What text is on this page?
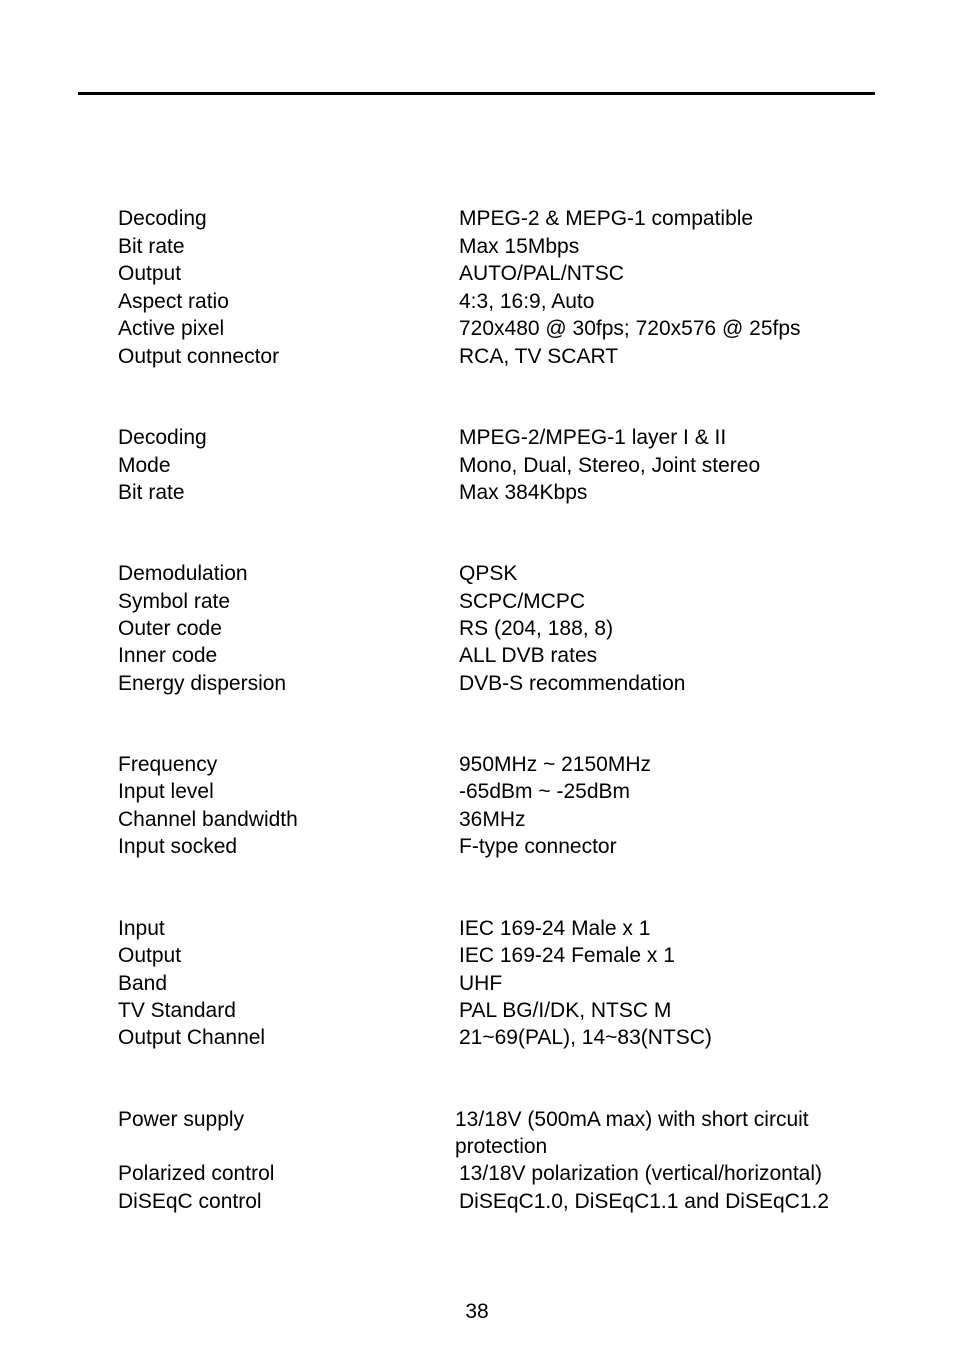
Decoding	MPEG-2 & MEPG-1 compatible
Bit rate	Max 15Mbps
Output	AUTO/PAL/NTSC
Aspect ratio	4:3, 16:9, Auto
Active pixel	720x480 @ 30fps; 720x576 @ 25fps
Output connector	RCA, TV SCART
Decoding	MPEG-2/MPEG-1 layer I & II
Mode	Mono, Dual, Stereo, Joint stereo
Bit rate	Max 384Kbps
Demodulation	QPSK
Symbol rate	SCPC/MCPC
Outer code	RS (204, 188, 8)
Inner code	ALL DVB rates
Energy dispersion	DVB-S recommendation
Frequency	950MHz ~ 2150MHz
Input level	-65dBm ~ -25dBm
Channel bandwidth	36MHz
Input socked	F-type connector
Input	IEC 169-24 Male x 1
Output	IEC 169-24 Female x 1
Band	UHF
TV Standard	PAL BG/I/DK, NTSC M
Output Channel	21~69(PAL), 14~83(NTSC)
Power supply	13/18V (500mA max) with short circuit protection
Polarized control	13/18V polarization (vertical/horizontal)
DiSEqC control	DiSEqC1.0, DiSEqC1.1 and DiSEqC1.2
38
